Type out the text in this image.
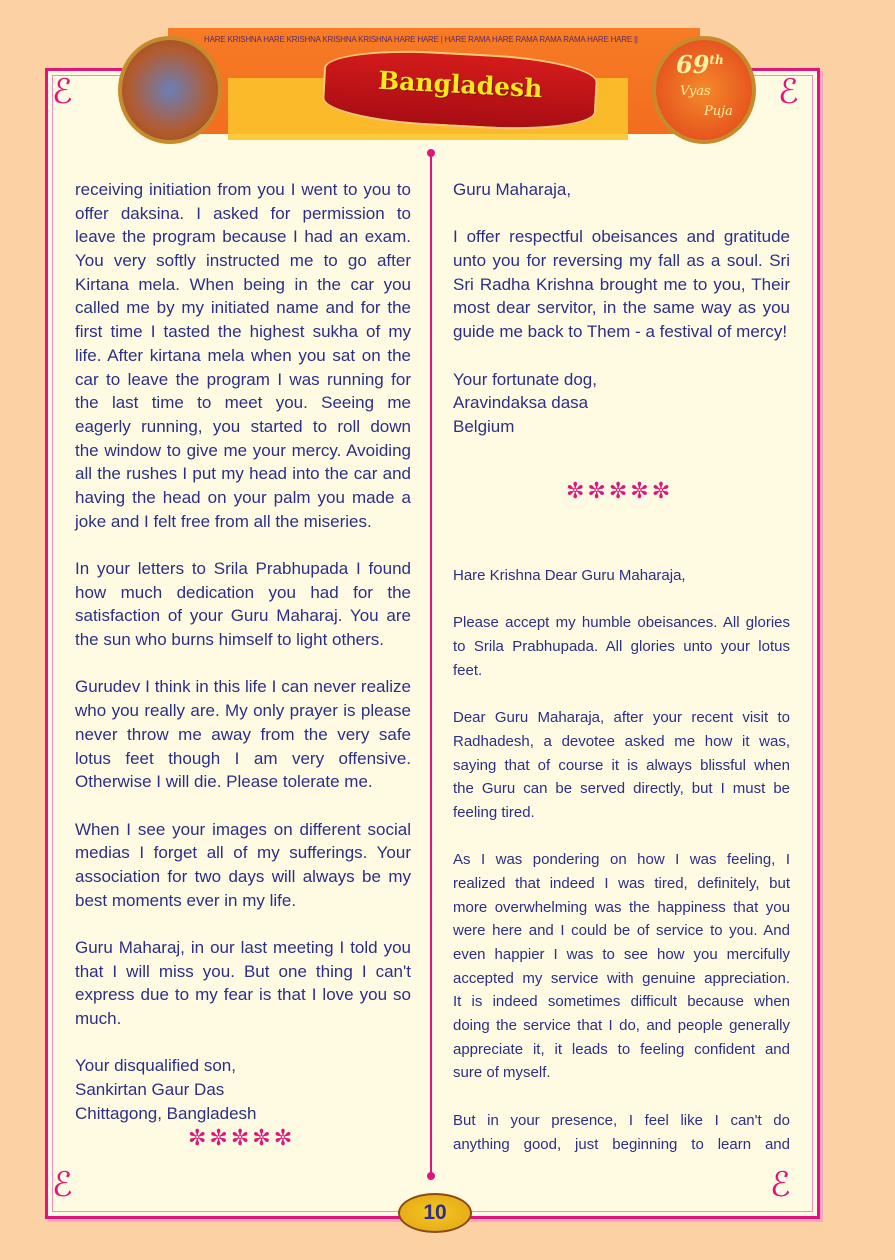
ℰ	ℰ
ℰ	ℰ
HARE KRISHNA HARE KRISHNA KRISHNA KRISHNA HARE HARE | HARE RAMA HARE RAMA RAMA RAMA HARE HARE ||
Bangladesh
69th
Vyas
Puja
receiving initiation from you I went to you to
offer daksina. I asked for permission to
leave the program because I had an exam.
You very softly instructed me to go after
Kirtana mela. When being in the car you
called me by my initiated name and for the
first time I tasted the highest sukha of my
life. After kirtana mela when you sat on the
car to leave the program I was running for
the last time to meet you. Seeing me
eagerly running, you started to roll down
the window to give me your mercy. Avoiding
all the rushes I put my head into the car and
having the head on your palm you made a
joke and I felt free from all the miseries.
In your letters to Srila Prabhupada I found
how much dedication you had for the
satisfaction of your Guru Maharaj. You are
the sun who burns himself to light others.
Gurudev I think in this life I can never realize
who you really are. My only prayer is please
never throw me away from the very safe
lotus feet though I am very offensive.
Otherwise I will die. Please tolerate me.
When I see your images on different social
medias I forget all of my sufferings. Your
association for two days will always be my
best moments ever in my life.
Guru Maharaj, in our last meeting I told you
that I will miss you. But one thing I can't
express due to my fear is that I love you so
much.
Your disqualified son,
Sankirtan Gaur Das
Chittagong, Bangladesh
✼✼✼✼✼
Guru Maharaja,
I offer respectful obeisances and gratitude
unto you for reversing my fall as a soul. Sri
Sri Radha Krishna brought me to you, Their
most dear servitor, in the same way as you
guide me back to Them - a festival of mercy!
Your fortunate dog,
Aravindaksa dasa
Belgium
✼✼✼✼✼
Hare Krishna Dear Guru Maharaja,
Please accept my humble obeisances. All glories
to Srila Prabhupada. All glories unto your lotus
feet.
Dear Guru Maharaja, after your recent visit to
Radhadesh, a devotee asked me how it was,
saying that of course it is always blissful when
the Guru can be served directly, but I must be
feeling tired.
As I was pondering on how I was feeling, I
realized that indeed I was tired, definitely, but
more overwhelming was the happiness that you
were here and I could be of service to you. And
even happier I was to see how you mercifully
accepted my service with genuine appreciation.
It is indeed sometimes difficult because when
doing the service that I do, and people generally
appreciate it, it leads to feeling confident and
sure of myself.
But in your presence, I feel like I can't do
anything good, just beginning to learn and
10
